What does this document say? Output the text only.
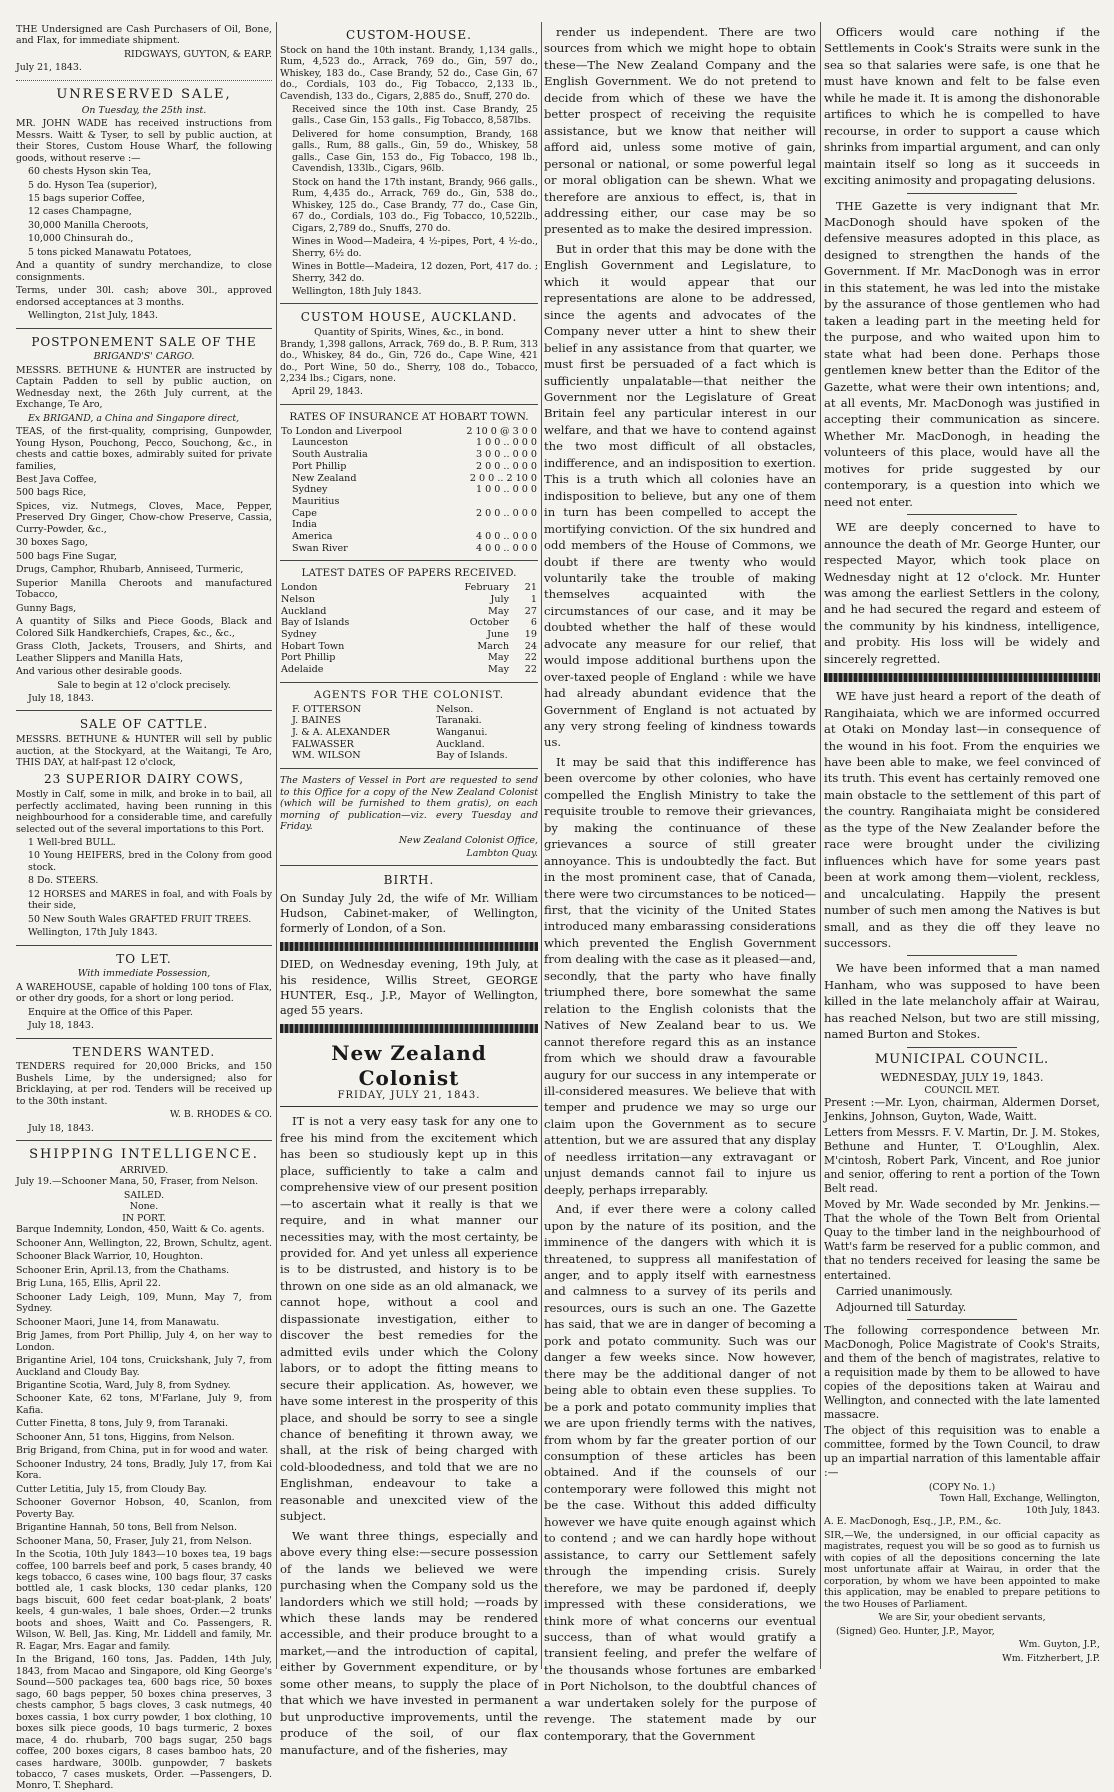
THE Undersigned are Cash Purchasers of Oil, Bone, and Flax, for immediate shipment.

RIDGWAYS, GUYTON, & EARP.

July 21, 1843.

UNRESERVED SALE,
On Tuesday, the 25th inst.

MR. JOHN WADE has received instructions from Messrs. Waitt & Tyser, to sell by public auction, at their Stores, Custom House Wharf, the following goods, without reserve :—

60 chests Hyson skin Tea,

5 do. Hyson Tea (superior),

15 bags superior Coffee,

12 cases Champagne,

30,000 Manilla Cheroots,

10,000 Chinsurah do.,

5 tons picked Manawatu Potatoes,

And a quantity of sundry merchandize, to close consignments.

Terms, under 30l. cash; above 30l., approved endorsed acceptances at 3 months.

Wellington, 21st July, 1843.

POSTPONEMENT SALE OF THE
BRIGAND'S' CARGO.

MESSRS. BETHUNE & HUNTER are instructed by Captain Padden to sell by public auction, on Wednesday next, the 26th July current, at the Exchange, Te Aro,

Ex BRIGAND, a China and Singapore direct,

TEAS, of the first-quality, comprising, Gunpowder, Young Hyson, Pouchong, Pecco, Souchong, &c., in chests and cattie boxes, admirably suited for private families,

Best Java Coffee,

500 bags Rice,

Spices, viz. Nutmegs, Cloves, Mace, Pepper, Preserved Dry Ginger, Chow-chow Preserve, Cassia, Curry-Powder, &c.,

30 boxes Sago,

500 bags Fine Sugar,

Drugs, Camphor, Rhubarb, Anniseed, Turmeric,

Superior Manilla Cheroots and manufactured Tobacco,

Gunny Bags,

A quantity of Silks and Piece Goods, Black and Colored Silk Handkerchiefs, Crapes, &c., &c.,

Grass Cloth, Jackets, Trousers, and Shirts, and Leather Slippers and Manilla Hats,

And various other desirable goods.

Sale to begin at 12 o'clock precisely.

July 18, 1843.

SALE OF CATTLE.

MESSRS. BETHUNE & HUNTER will sell by public auction, at the Stockyard, at the Waitangi, Te Aro, THIS DAY, at half-past 12 o'clock,

23 SUPERIOR DAIRY COWS,

Mostly in Calf, some in milk, and broke in to bail, all perfectly acclimated, having been running in this neighbourhood for a considerable time, and carefully selected out of the several importations to this Port.

1 Well-bred BULL.

10 Young HEIFERS, bred in the Colony from good stock.

8 Do. STEERS.

12 HORSES and MARES in foal, and with Foals by their side,

50 New South Wales GRAFTED FRUIT TREES.

Wellington, 17th July 1843.

TO LET.
With immediate Possession,

A WAREHOUSE, capable of holding 100 tons of Flax, or other dry goods, for a short or long period.

Enquire at the Office of this Paper.

July 18, 1843.

TENDERS WANTED.

TENDERS required for 20,000 Bricks, and 150 Bushels Lime, by the undersigned; also for Bricklaying, at per rod. Tenders will be received up to the 30th instant.

W. B. RHODES & CO.

July 18, 1843.

SHIPPING INTELLIGENCE.
ARRIVED.

July 19.—Schooner Mana, 50, Fraser, from Nelson.

SAILED.
None.
IN PORT.

Barque Indemnity, London, 450, Waitt & Co. agents.

Schooner Ann, Wellington, 22, Brown, Schultz, agent.

Schooner Black Warrior, 10, Houghton.

Schooner Erin, April.13, from the Chathams.

Brig Luna, 165, Ellis, April 22.

Schooner Lady Leigh, 109, Munn, May 7, from Sydney.

Schooner Maori, June 14, from Manawatu.

Brig James, from Port Phillip, July 4, on her way to London.

Brigantine Ariel, 104 tons, Cruickshank, July 7, from Auckland and Cloudy Bay.

Brigantine Scotia, Ward, July 8, from Sydney.

Schooner Kate, 62 tons, M'Farlane, July 9, from Kafia.

Cutter Finetta, 8 tons, July 9, from Taranaki.

Schooner Ann, 51 tons, Higgins, from Nelson.

Brig Brigand, from China, put in for wood and water.

Schooner Industry, 24 tons, Bradly, July 17, from Kai Kora.

Cutter Letitia, July 15, from Cloudy Bay.

Schooner Governor Hobson, 40, Scanlon, from Poverty Bay.

Brigantine Hannah, 50 tons, Bell from Nelson.

Schooner Mana, 50, Fraser, July 21, from Nelson.

In the Scotia, 10th July 1843—10 boxes tea, 19 bags coffee, 100 barrels beef and pork, 5 cases brandy, 40 kegs tobacco, 6 cases wine, 100 bags flour, 37 casks bottled ale, 1 cask blocks, 130 cedar planks, 120 bags biscuit, 600 feet cedar boat-plank, 2 boats' keels, 4 gun-wales, 1 bale shoes, Order.—2 trunks boots and shoes, Waitt and Co. Passengers, R. Wilson, W. Bell, Jas. King, Mr. Liddell and family, Mr. R. Eagar, Mrs. Eagar and family.

In the Brigand, 160 tons, Jas. Padden, 14th July, 1843, from Macao and Singapore, old King George's Sound—500 packages tea, 600 bags rice, 50 boxes sago, 60 bags pepper, 50 boxes china preserves, 3 chests camphor, 5 bags cloves, 3 cask nutmegs, 40 boxes cassia, 1 box curry powder, 1 box clothing, 10 boxes silk piece goods, 10 bags turmeric, 2 boxes mace, 4 do. rhubarb, 700 bags sugar, 250 bags coffee, 200 boxes cigars, 8 cases bamboo hats, 20 cases hardware, 300lb. gunpowder, 7 baskets tobacco, 7 cases muskets, Order. —Passengers, D. Monro, T. Shephard.

CUSTOM-HOUSE.

Stock on hand the 10th instant. Brandy, 1,134 galls., Rum, 4,523 do., Arrack, 769 do., Gin, 597 do., Whiskey, 183 do., Case Brandy, 52 do., Case Gin, 67 do., Cordials, 103 do., Fig Tobacco, 2,133 lb., Cavendish, 133 do., Cigars, 2,885 do., Snuff, 270 do.

Received since the 10th inst. Case Brandy, 25 galls., Case Gin, 153 galls., Fig Tobacco, 8,587lbs.

Delivered for home consumption, Brandy, 168 galls., Rum, 88 galls., Gin, 59 do., Whiskey, 58 galls., Case Gin, 153 do., Fig Tobacco, 198 lb., Cavendish, 133lb., Cigars, 96lb.

Stock on hand the 17th instant, Brandy, 966 galls., Rum, 4,435 do., Arrack, 769 do., Gin, 538 do., Whiskey, 125 do., Case Brandy, 77 do., Case Gin, 67 do., Cordials, 103 do., Fig Tobacco, 10,522lb., Cigars, 2,789 do., Snuffs, 270 do.

Wines in Wood—Madeira, 4 ½-pipes, Port, 4 ½-do., Sherry, 6½ do.

Wines in Bottle—Madeira, 12 dozen, Port, 417 do. ; Sherry, 342 do.

Wellington, 18th July 1843.

CUSTOM HOUSE, AUCKLAND.
Quantity of Spirits, Wines, &c., in bond.

Brandy, 1,398 gallons, Arrack, 769 do., B. P. Rum, 313 do., Whiskey, 84 do., Gin, 726 do., Cape Wine, 421 do., Port Wine, 50 do., Sherry, 108 do., Tobacco, 2,234 lbs.; Cigars, none.

April 29, 1843.

RATES OF INSURANCE AT HOBART TOWN.
To London and Liverpool	2 10 0 @ 3 0 0
Launceston	1 0 0 .. 0 0 0
South Australia	3 0 0 .. 0 0 0
Port Phillip	2 0 0 .. 0 0 0
New Zealand	2 0 0 .. 2 10 0
Sydney	1 0 0 .. 0 0 0
Mauritius	
Cape	2 0 0 .. 0 0 0
India	
America	4 0 0 .. 0 0 0
Swan River	4 0 0 .. 0 0 0
LATEST DATES OF PAPERS RECEIVED.
London	February	21
Nelson	July	1
Auckland	May	27
Bay of Islands	October	6
Sydney	June	19
Hobart Town	March	24
Port Phillip	May	22
Adelaide	May	22
AGENTS FOR THE COLONIST.
F. OTTERSON	Nelson.
J. BAINES	Taranaki.
J. & A. ALEXANDER	Wanganui.
FALWASSER	Auckland.
WM. WILSON	Bay of Islands.

The Masters of Vessel in Port are requested to send to this Office for a copy of the New Zealand Colonist (which will be furnished to them gratis), on each morning of publication—viz. every Tuesday and Friday.

New Zealand Colonist Office,

Lambton Quay.

BIRTH.

On Sunday July 2d, the wife of Mr. William Hudson, Cabinet-maker, of Wellington, formerly of London, of a Son.

DIED, on Wednesday evening, 19th July, at his residence, Willis Street, GEORGE HUNTER, Esq., J.P., Mayor of Wellington, aged 55 years.

New Zealand Colonist
FRIDAY, JULY 21, 1843.

IT is not a very easy task for any one to free his mind from the excitement which has been so studiously kept up in this place, sufficiently to take a calm and comprehensive view of our present position—to ascertain what it really is that we require, and in what manner our necessities may, with the most certainty, be provided for. And yet unless all experience is to be distrusted, and history is to be thrown on one side as an old almanack, we cannot hope, without a cool and dispassionate investigation, either to discover the best remedies for the admitted evils under which the Colony labors, or to adopt the fitting means to secure their application. As, however, we have some interest in the prosperity of this place, and should be sorry to see a single chance of benefiting it thrown away, we shall, at the risk of being charged with cold-bloodedness, and told that we are no Englishman, endeavour to take a reasonable and unexcited view of the subject.

We want three things, especially and above every thing else:—secure possession of the lands we believed we were purchasing when the Company sold us the landorders which we still hold; —roads by which these lands may be rendered accessible, and their produce brought to a market,—and the introduction of capital, either by Government expenditure, or by some other means, to supply the place of that which we have invested in permanent but unproductive improvements, until the produce of the soil, of our flax manufacture, and of the fisheries, may

render us independent. There are two sources from which we might hope to obtain these—The New Zealand Company and the English Government. We do not pretend to decide from which of these we have the better prospect of receiving the requisite assistance, but we know that neither will afford aid, unless some motive of gain, personal or national, or some powerful legal or moral obligation can be shewn. What we therefore are anxious to effect, is, that in addressing either, our case may be so presented as to make the desired impression.

But in order that this may be done with the English Government and Legislature, to which it would appear that our representations are alone to be addressed, since the agents and advocates of the Company never utter a hint to shew their belief in any assistance from that quarter, we must first be persuaded of a fact which is sufficiently unpalatable—that neither the Government nor the Legislature of Great Britain feel any particular interest in our welfare, and that we have to contend against the two most difficult of all obstacles, indifference, and an indisposition to exertion. This is a truth which all colonies have an indisposition to believe, but any one of them in turn has been compelled to accept the mortifying conviction. Of the six hundred and odd members of the House of Commons, we doubt if there are twenty who would voluntarily take the trouble of making themselves acquainted with the circumstances of our case, and it may be doubted whether the half of these would advocate any measure for our relief, that would impose additional burthens upon the over-taxed people of England : while we have had already abundant evidence that the Government of England is not actuated by any very strong feeling of kindness towards us.

It may be said that this indifference has been overcome by other colonies, who have compelled the English Ministry to take the requisite trouble to remove their grievances, by making the continuance of these grievances a source of still greater annoyance. This is undoubtedly the fact. But in the most prominent case, that of Canada, there were two circumstances to be noticed—first, that the vicinity of the United States introduced many embarassing considerations which prevented the English Government from dealing with the case as it pleased—and, secondly, that the party who have finally triumphed there, bore somewhat the same relation to the English colonists that the Natives of New Zealand bear to us. We cannot therefore regard this as an instance from which we should draw a favourable augury for our success in any intemperate or ill-considered measures. We believe that with temper and prudence we may so urge our claim upon the Government as to secure attention, but we are assured that any display of needless irritation—any extravagant or unjust demands cannot fail to injure us deeply, perhaps irreparably.

And, if ever there were a colony called upon by the nature of its position, and the imminence of the dangers with which it is threatened, to suppress all manifestation of anger, and to apply itself with earnestness and calmness to a survey of its perils and resources, ours is such an one. The Gazette has said, that we are in danger of becoming a pork and potato community. Such was our danger a few weeks since. Now however, there may be the additional danger of not being able to obtain even these supplies. To be a pork and potato community implies that we are upon friendly terms with the natives, from whom by far the greater portion of our consumption of these articles has been obtained. And if the counsels of our contemporary were followed this might not be the case. Without this added difficulty however we have quite enough against which to contend ; and we can hardly hope without assistance, to carry our Settlement safely through the impending crisis. Surely therefore, we may be pardoned if, deeply impressed with these considerations, we think more of what concerns our eventual success, than of what would gratify a transient feeling, and prefer the welfare of the thousands whose fortunes are embarked in Port Nicholson, to the doubtful chances of a war undertaken solely for the purpose of revenge. The statement made by our contemporary, that the Government

Officers would care nothing if the Settlements in Cook's Straits were sunk in the sea so that salaries were safe, is one that he must have known and felt to be false even while he made it. It is among the dishonorable artifices to which he is compelled to have recourse, in order to support a cause which shrinks from impartial argument, and can only maintain itself so long as it succeeds in exciting animosity and propagating delusions.

THE Gazette is very indignant that Mr. MacDonogh should have spoken of the defensive measures adopted in this place, as designed to strengthen the hands of the Government. If Mr. MacDonogh was in error in this statement, he was led into the mistake by the assurance of those gentlemen who had taken a leading part in the meeting held for the purpose, and who waited upon him to state what had been done. Perhaps those gentlemen knew better than the Editor of the Gazette, what were their own intentions; and, at all events, Mr. MacDonogh was justified in accepting their communication as sincere. Whether Mr. MacDonogh, in heading the volunteers of this place, would have all the motives for pride suggested by our contemporary, is a question into which we need not enter.

WE are deeply concerned to have to announce the death of Mr. George Hunter, our respected Mayor, which took place on Wednesday night at 12 o'clock. Mr. Hunter was among the earliest Settlers in the colony, and he had secured the regard and esteem of the community by his kindness, intelligence, and probity. His loss will be widely and sincerely regretted.

WE have just heard a report of the death of Rangihaiata, which we are informed occurred at Otaki on Monday last—in consequence of the wound in his foot. From the enquiries we have been able to make, we feel convinced of its truth. This event has certainly removed one main obstacle to the settlement of this part of the country. Rangihaiata might be considered as the type of the New Zealander before the race were brought under the civilizing influences which have for some years past been at work among them—violent, reckless, and uncalculating. Happily the present number of such men among the Natives is but small, and as they die off they leave no successors.

We have been informed that a man named Hanham, who was supposed to have been killed in the late melancholy affair at Wairau, has reached Nelson, but two are still missing, named Burton and Stokes.

MUNICIPAL COUNCIL.
WEDNESDAY, JULY 19, 1843.
COUNCIL MET.

Present :—Mr. Lyon, chairman, Aldermen Dorset, Jenkins, Johnson, Guyton, Wade, Waitt.

Letters from Messrs. F. V. Martin, Dr. J. M. Stokes, Bethune and Hunter, T. O'Loughlin, Alex. M'cintosh, Robert Park, Vincent, and Roe junior and senior, offering to rent a portion of the Town Belt read.

Moved by Mr. Wade seconded by Mr. Jenkins.—That the whole of the Town Belt from Oriental Quay to the timber land in the neighbourhood of Watt's farm be reserved for a public common, and that no tenders received for leasing the same be entertained.

Carried unanimously.

Adjourned till Saturday.

The following correspondence between Mr. MacDonogh, Police Magistrate of Cook's Straits, and them of the bench of magistrates, relative to a requisition made by them to be allowed to have copies of the depositions taken at Wairau and Wellington, and connected with the late lamented massacre.

The object of this requisition was to enable a committee, formed by the Town Council, to draw up an impartial narration of this lamentable affair :—

(COPY No. 1.)
Town Hall, Exchange, Wellington,
10th July, 1843.

A. E. MacDonogh, Esq., J.P., P.M., &c.

SIR,—We, the undersigned, in our official capacity as magistrates, request you will be so good as to furnish us with copies of all the depositions concerning the late most unfortunate affair at Wairau, in order that the corporation, by whom we have been appointed to make this application, may be enabled to prepare petitions to the two Houses of Parliament.

We are Sir, your obedient servants,

(Signed) Geo. Hunter, J.P., Mayor,

Wm. Guyton, J.P.,

Wm. Fitzherbert, J.P.
